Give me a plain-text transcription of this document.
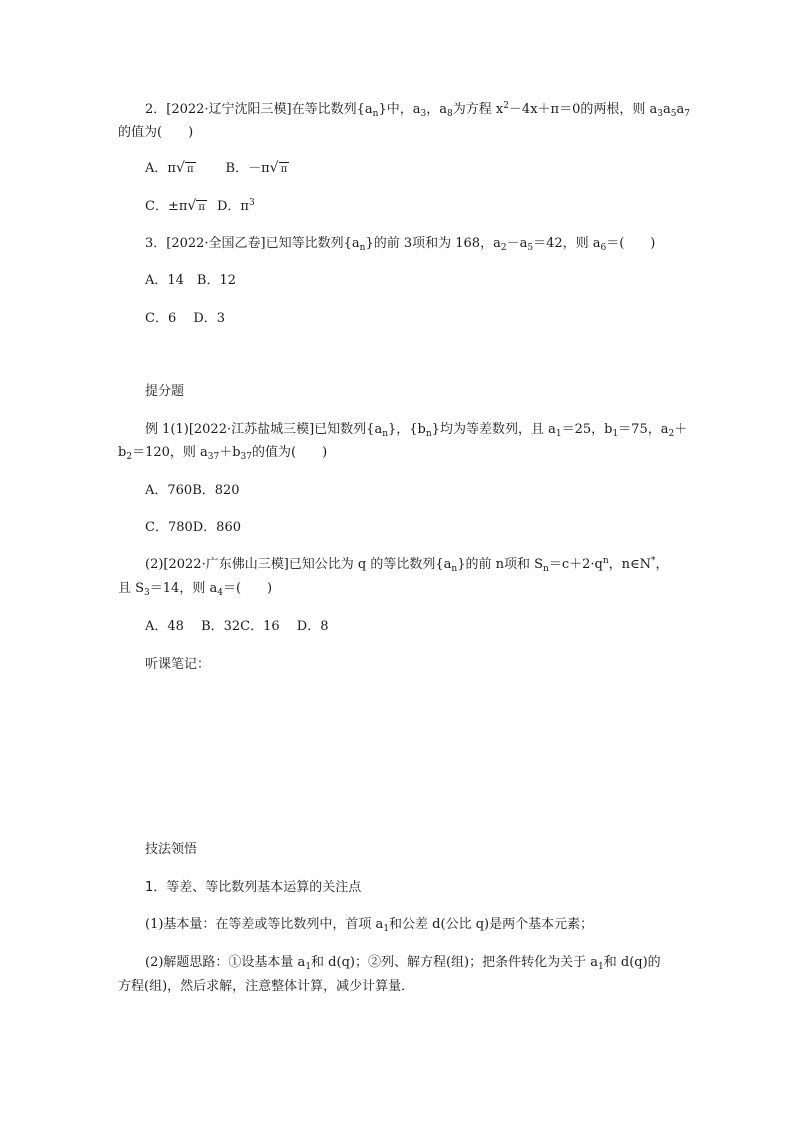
2．[2022·辽宁沈阳三模]在等比数列$\{a_n\}$中，$a_3$，$a_8$为方程 $x^2-4x+\pi=0$的两根，则 $a_3a_5a_7$
的值为(　　)
A．π √ π B．－π √ π
C．±π √ π D．$\pi^3$
3．[2022·全国乙卷]已知等比数列$\{a_n\}$的前 3项和为 168，$a_2-a_5=42$，则 $a_6=$(　　)
A．14　B．12
C．6　 D．3
提分题
例 1(1)[2022·江苏盐城三模]已知数列$\{a_n\}$，$\{b_n\}$均为等差数列，且 $a_1=25$，$b_1=75$，$a_2+$
$b_2=120$，则 $a_{37}+b_{37}$的值为(　　)
A．760B．820
C．780D．860
(2)[2022·广东佛山三模]已知公比为 q 的等比数列$\{a_n\}$的前 n项和 $S_n=c+2\cdot q^n$，n∈N*，
且 $S_3=14$，则 $a_4=$(　　)
A．48　 B．32C．16　 D．8
听课笔记：
技法领悟
1．等差、等比数列基本运算的关注点
(1)基本量：在等差或等比数列中，首项 $a_1$和公差 d(公比 q)是两个基本元素；
(2)解题思路：①设基本量 $a_1$和 d(q)；②列、解方程(组)；把条件转化为关于 $a_1$和 d(q)的
方程(组)，然后求解，注意整体计算，减少计算量．
